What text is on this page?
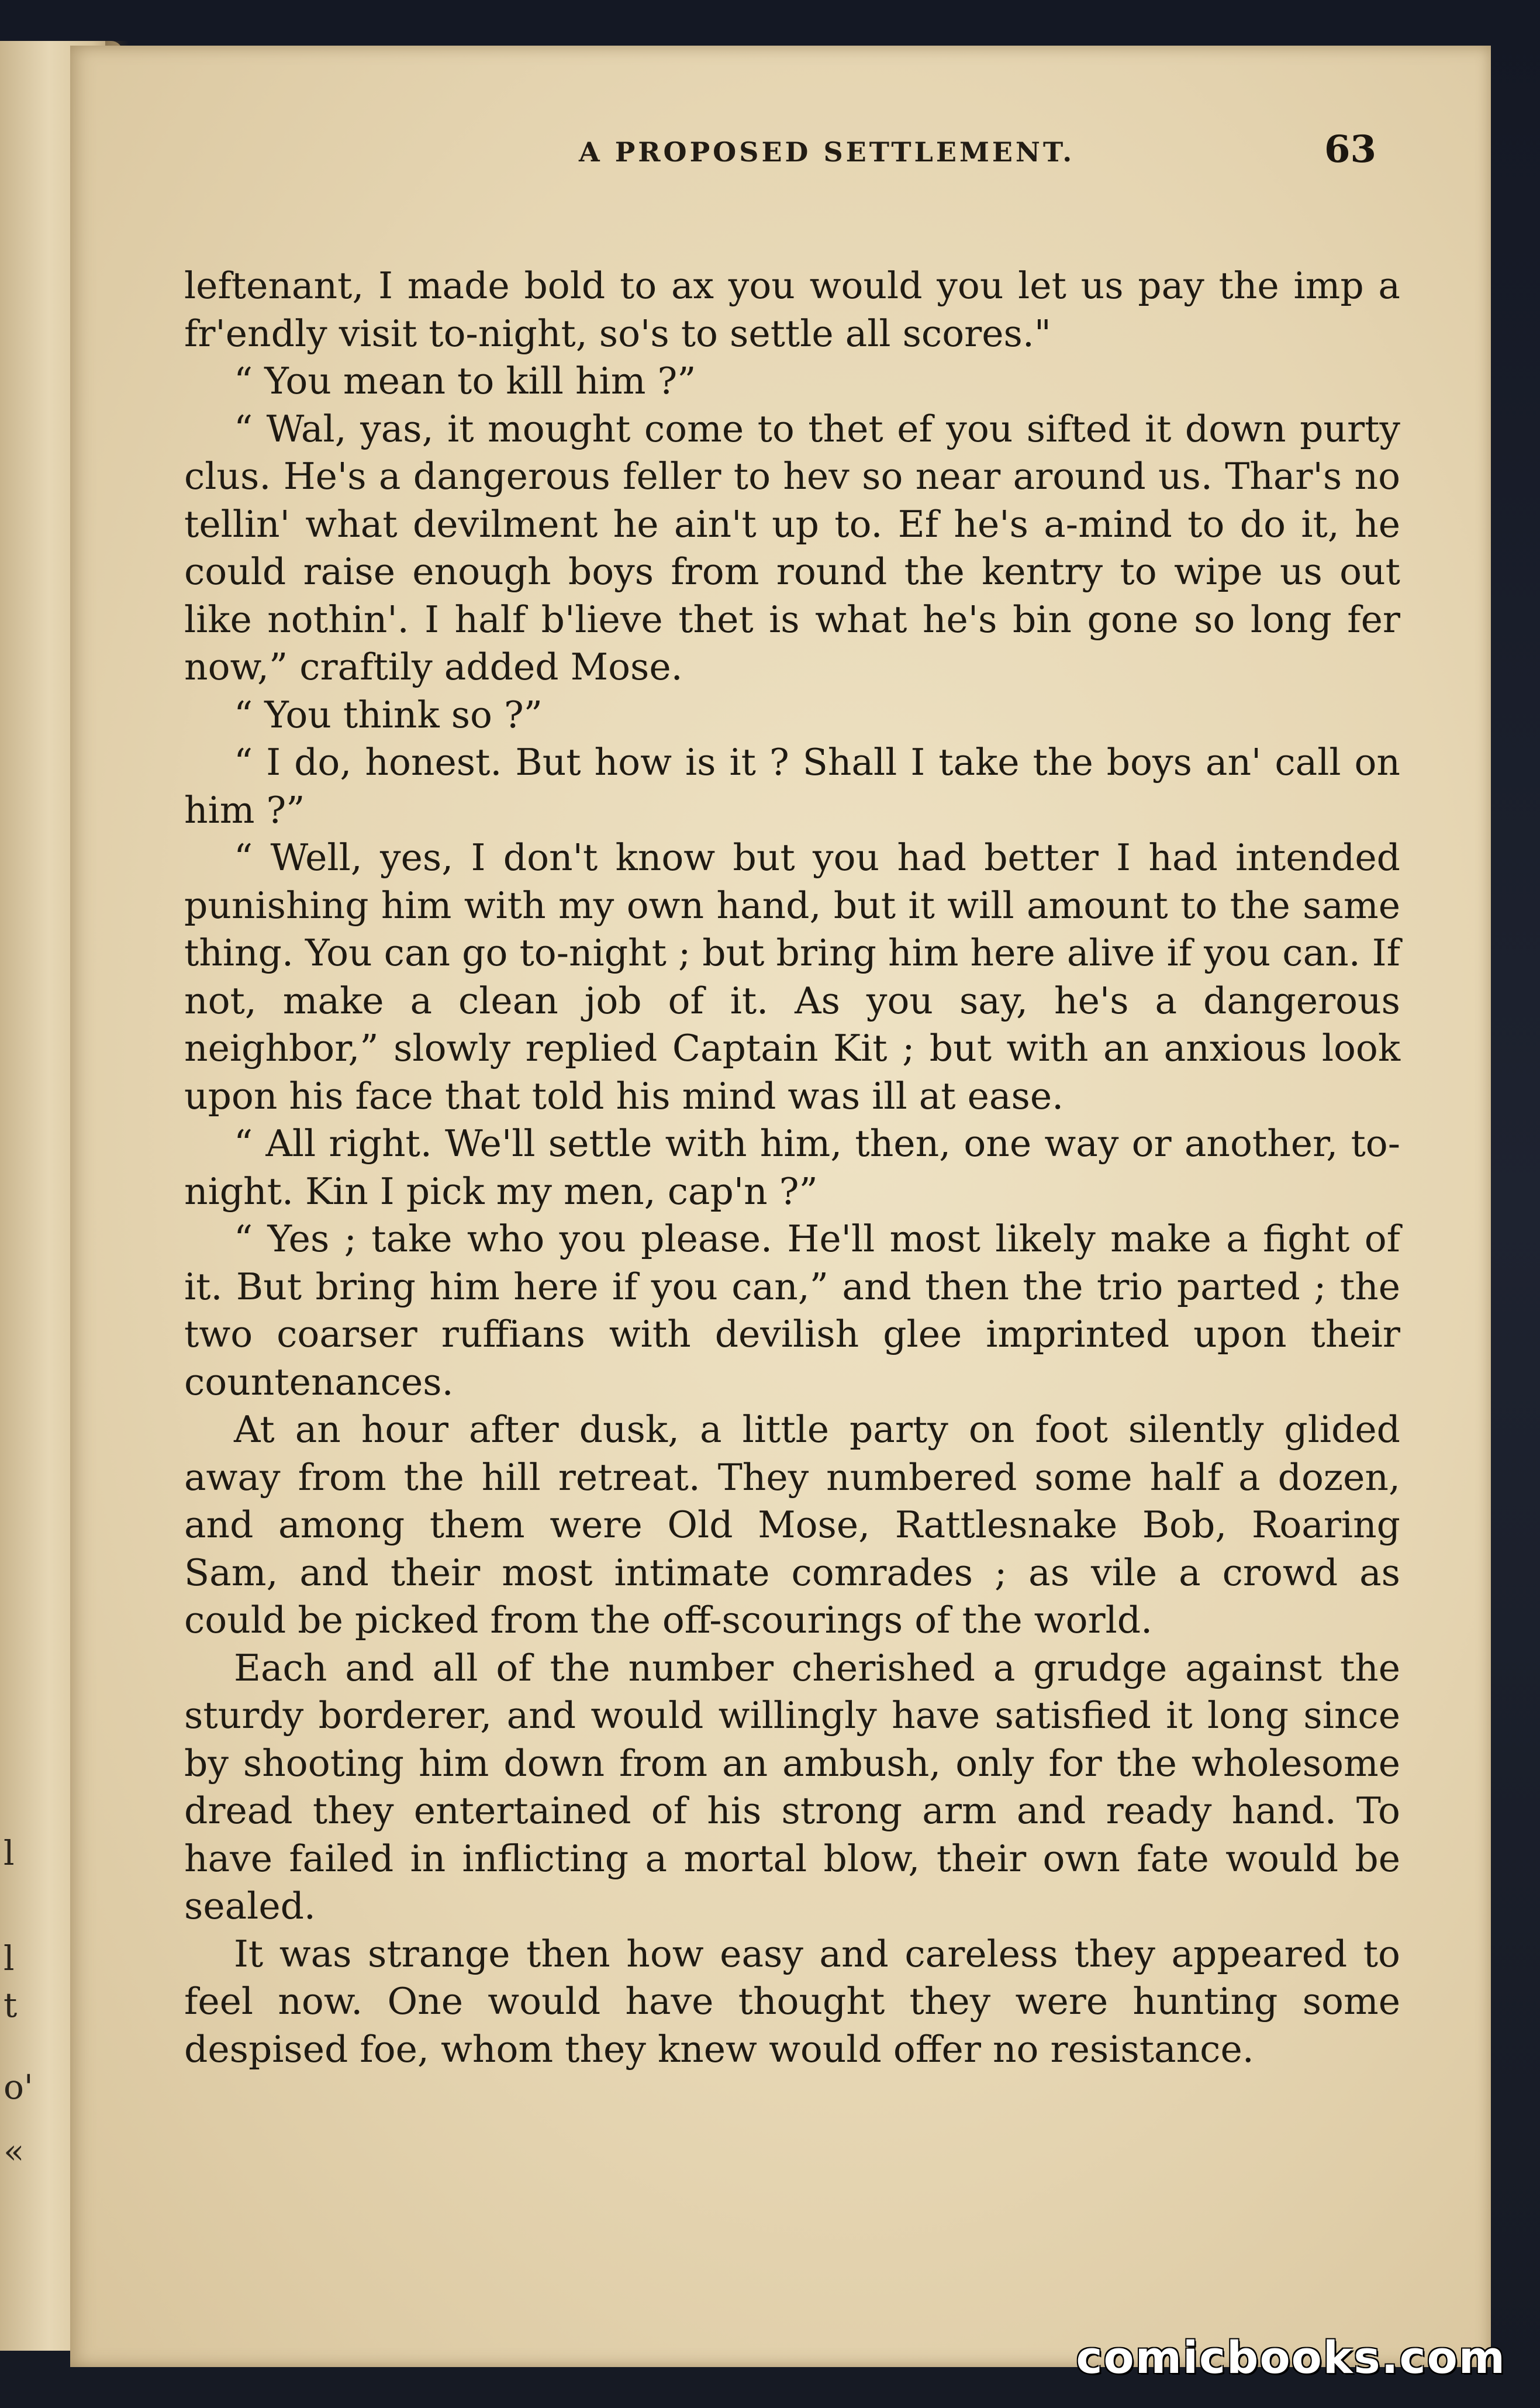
l
l
t
o'
«
A PROPOSED SETTLEMENT.	63

leftenant, I made bold to ax you would you let us pay the imp a fr'endly visit to-night, so's to settle all scores."

“ You mean to kill him ?”

“ Wal, yas, it mought come to thet ef you sifted it down purty clus. He's a dangerous feller to hev so near around us. Thar's no tellin' what devilment he ain't up to. Ef he's a-mind to do it, he could raise enough boys from round the kentry to wipe us out like nothin'. I half b'lieve thet is what he's bin gone so long fer now,” craftily added Mose.

“ You think so ?”

“ I do, honest. But how is it ? Shall I take the boys an' call on him ?”

“ Well, yes, I don't know but you had better I had intended punishing him with my own hand, but it will amount to the same thing. You can go to-night ; but bring him here alive if you can. If not, make a clean job of it. As you say, he's a dangerous neighbor,” slowly replied Captain Kit ; but with an anxious look upon his face that told his mind was ill at ease.

“ All right. We'll settle with him, then, one way or another, to-night. Kin I pick my men, cap'n ?”

“ Yes ; take who you please. He'll most likely make a fight of it. But bring him here if you can,” and then the trio parted ; the two coarser ruffians with devilish glee imprinted upon their countenances.

At an hour after dusk, a little party on foot silently glided away from the hill retreat. They numbered some half a dozen, and among them were Old Mose, Rattlesnake Bob, Roaring Sam, and their most intimate comrades ; as vile a crowd as could be picked from the off-scourings of the world.

Each and all of the number cherished a grudge against the sturdy borderer, and would willingly have satisfied it long since by shooting him down from an ambush, only for the wholesome dread they entertained of his strong arm and ready hand. To have failed in inflicting a mortal blow, their own fate would be sealed.

It was strange then how easy and careless they appeared to feel now. One would have thought they were hunting some despised foe, whom they knew would offer no resistance.

comicbooks.com
